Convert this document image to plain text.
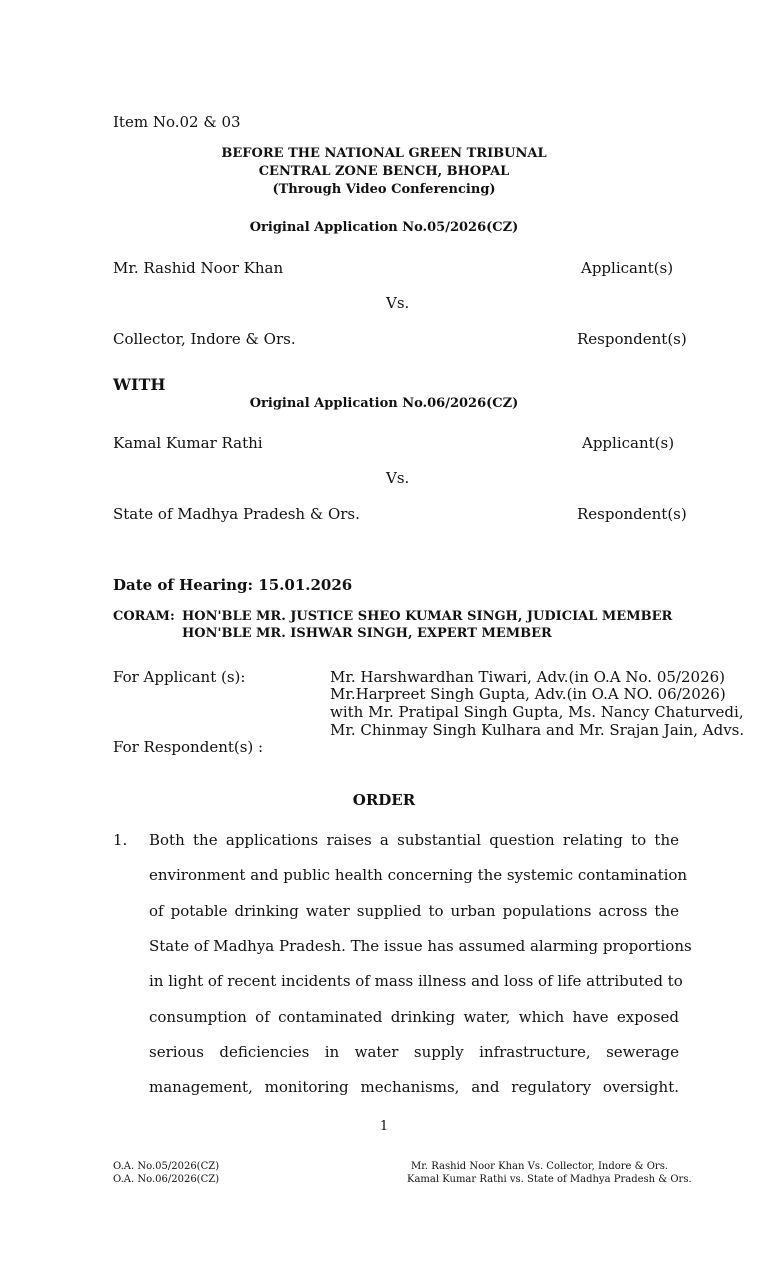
Item No.02 & 03
BEFORE THE NATIONAL GREEN TRIBUNAL
CENTRAL ZONE BENCH, BHOPAL
(Through Video Conferencing)
Original Application No.05/2026(CZ)
Mr. Rashid Noor Khan	Applicant(s)
Vs.
Collector, Indore & Ors.	Respondent(s)
WITH
Original Application No.06/2026(CZ)
Kamal Kumar Rathi	Applicant(s)
Vs.
State of Madhya Pradesh & Ors.	Respondent(s)
Date of Hearing: 15.01.2026
CORAM: HON'BLE MR. JUSTICE SHEO KUMAR SINGH, JUDICIAL MEMBER
HON'BLE MR. ISHWAR SINGH, EXPERT MEMBER
For Applicant (s):	Mr. Harshwardhan Tiwari, Adv.(in O.A No. 05/2026)
Mr.Harpreet Singh Gupta, Adv.(in O.A NO. 06/2026)
with Mr. Pratipal Singh Gupta, Ms. Nancy Chaturvedi,
Mr. Chinmay Singh Kulhara and Mr. Srajan Jain, Advs.
For Respondent(s) :
ORDER
1. Both the applications raises a substantial question relating to the
environment and public health concerning the systemic contamination
of potable drinking water supplied to urban populations across the
State of Madhya Pradesh. The issue has assumed alarming proportions
in light of recent incidents of mass illness and loss of life attributed to
consumption of contaminated drinking water, which have exposed
serious deficiencies in water supply infrastructure, sewerage
management, monitoring mechanisms, and regulatory oversight.
1
O.A. No.05/2026(CZ)
O.A. No.06/2026(CZ)
Mr. Rashid Noor Khan Vs. Collector, Indore & Ors.
Kamal Kumar Rathi vs. State of Madhya Pradesh & Ors.
